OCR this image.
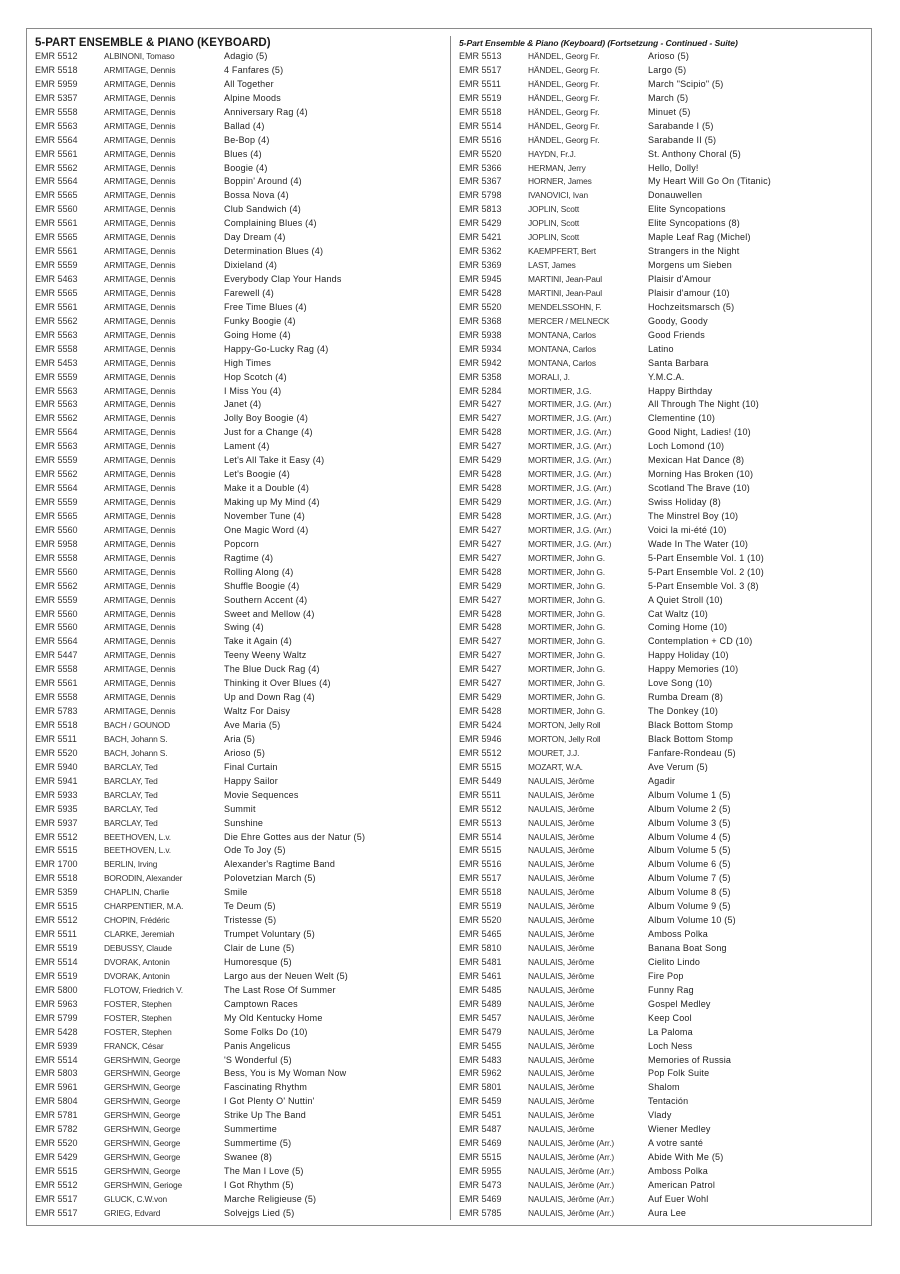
5-PART ENSEMBLE & PIANO (KEYBOARD)
EMR 5512	ALBINONI, Tomaso	Adagio (5)
EMR 5518	ARMITAGE, Dennis	4 Fanfares (5)
EMR 5959	ARMITAGE, Dennis	All Together
EMR 5357	ARMITAGE, Dennis	Alpine Moods
EMR 5558	ARMITAGE, Dennis	Anniversary Rag (4)
EMR 5563	ARMITAGE, Dennis	Ballad (4)
EMR 5564	ARMITAGE, Dennis	Be-Bop (4)
EMR 5561	ARMITAGE, Dennis	Blues (4)
EMR 5562	ARMITAGE, Dennis	Boogie (4)
EMR 5564	ARMITAGE, Dennis	Boppin' Around (4)
EMR 5565	ARMITAGE, Dennis	Bossa Nova (4)
EMR 5560	ARMITAGE, Dennis	Club Sandwich (4)
EMR 5561	ARMITAGE, Dennis	Complaining Blues (4)
EMR 5565	ARMITAGE, Dennis	Day Dream (4)
EMR 5561	ARMITAGE, Dennis	Determination Blues (4)
EMR 5559	ARMITAGE, Dennis	Dixieland (4)
EMR 5463	ARMITAGE, Dennis	Everybody Clap Your Hands
EMR 5565	ARMITAGE, Dennis	Farewell (4)
EMR 5561	ARMITAGE, Dennis	Free Time Blues (4)
EMR 5562	ARMITAGE, Dennis	Funky Boogie (4)
EMR 5563	ARMITAGE, Dennis	Going Home (4)
EMR 5558	ARMITAGE, Dennis	Happy-Go-Lucky Rag (4)
EMR 5453	ARMITAGE, Dennis	High Times
EMR 5559	ARMITAGE, Dennis	Hop Scotch (4)
EMR 5563	ARMITAGE, Dennis	I Miss You (4)
EMR 5563	ARMITAGE, Dennis	Janet (4)
EMR 5562	ARMITAGE, Dennis	Jolly Boy Boogie (4)
EMR 5564	ARMITAGE, Dennis	Just for a Change (4)
EMR 5563	ARMITAGE, Dennis	Lament (4)
EMR 5559	ARMITAGE, Dennis	Let's All Take it Easy (4)
EMR 5562	ARMITAGE, Dennis	Let's Boogie (4)
EMR 5564	ARMITAGE, Dennis	Make it a Double (4)
EMR 5559	ARMITAGE, Dennis	Making up My Mind (4)
EMR 5565	ARMITAGE, Dennis	November Tune (4)
EMR 5560	ARMITAGE, Dennis	One Magic Word (4)
EMR 5958	ARMITAGE, Dennis	Popcorn
EMR 5558	ARMITAGE, Dennis	Ragtime (4)
EMR 5560	ARMITAGE, Dennis	Rolling Along (4)
EMR 5562	ARMITAGE, Dennis	Shuffle Boogie (4)
EMR 5559	ARMITAGE, Dennis	Southern Accent (4)
EMR 5560	ARMITAGE, Dennis	Sweet and Mellow (4)
EMR 5560	ARMITAGE, Dennis	Swing (4)
EMR 5564	ARMITAGE, Dennis	Take it Again (4)
EMR 5447	ARMITAGE, Dennis	Teeny Weeny Waltz
EMR 5558	ARMITAGE, Dennis	The Blue Duck Rag (4)
EMR 5561	ARMITAGE, Dennis	Thinking it Over Blues (4)
EMR 5558	ARMITAGE, Dennis	Up and Down Rag (4)
EMR 5783	ARMITAGE, Dennis	Waltz For Daisy
EMR 5518	BACH / GOUNOD	Ave Maria (5)
EMR 5511	BACH, Johann S.	Aria (5)
EMR 5520	BACH, Johann S.	Arioso (5)
EMR 5940	BARCLAY, Ted	Final Curtain
EMR 5941	BARCLAY, Ted	Happy Sailor
EMR 5933	BARCLAY, Ted	Movie Sequences
EMR 5935	BARCLAY, Ted	Summit
EMR 5937	BARCLAY, Ted	Sunshine
EMR 5512	BEETHOVEN, L.v.	Die Ehre Gottes aus der Natur (5)
EMR 5515	BEETHOVEN, L.v.	Ode To Joy (5)
EMR 1700	BERLIN, Irving	Alexander's Ragtime Band
EMR 5518	BORODIN, Alexander	Polovetzian March (5)
EMR 5359	CHAPLIN, Charlie	Smile
EMR 5515	CHARPENTIER, M.A.	Te Deum (5)
EMR 5512	CHOPIN, Frédéric	Tristesse (5)
EMR 5511	CLARKE, Jeremiah	Trumpet Voluntary (5)
EMR 5519	DEBUSSY, Claude	Clair de Lune (5)
EMR 5514	DVORAK, Antonin	Humoresque (5)
EMR 5519	DVORAK, Antonin	Largo aus der Neuen Welt (5)
EMR 5800	FLOTOW, Friedrich V.	The Last Rose Of Summer
EMR 5963	FOSTER, Stephen	Camptown Races
EMR 5799	FOSTER, Stephen	My Old Kentucky Home
EMR 5428	FOSTER, Stephen	Some Folks Do (10)
EMR 5939	FRANCK, César	Panis Angelicus
EMR 5514	GERSHWIN, George	'S Wonderful (5)
EMR 5803	GERSHWIN, George	Bess, You is My Woman Now
EMR 5961	GERSHWIN, George	Fascinating Rhythm
EMR 5804	GERSHWIN, George	I Got Plenty O' Nuttin'
EMR 5781	GERSHWIN, George	Strike Up The Band
EMR 5782	GERSHWIN, George	Summertime
EMR 5520	GERSHWIN, George	Summertime (5)
EMR 5429	GERSHWIN, George	Swanee (8)
EMR 5515	GERSHWIN, George	The Man I Love (5)
EMR 5512	GERSHWIN, Gerioge	I Got Rhythm (5)
EMR 5517	GLUCK, C.W.von	Marche Religieuse (5)
EMR 5517	GRIEG, Edvard	Solvejgs Lied (5)
5-Part Ensemble & Piano (Keyboard) (Fortsetzung - Continued - Suite)
EMR 5513	HÄNDEL, Georg Fr.	Arioso (5)
EMR 5517	HÄNDEL, Georg Fr.	Largo (5)
EMR 5511	HÄNDEL, Georg Fr.	March "Scipio" (5)
EMR 5519	HÄNDEL, Georg Fr.	March (5)
EMR 5518	HÄNDEL, Georg Fr.	Minuet (5)
EMR 5514	HÄNDEL, Georg Fr.	Sarabande I (5)
EMR 5516	HÄNDEL, Georg Fr.	Sarabande II (5)
EMR 5520	HAYDN, Fr.J.	St. Anthony Choral (5)
EMR 5366	HERMAN, Jerry	Hello, Dolly!
EMR 5367	HORNER, James	My Heart Will Go On (Titanic)
EMR 5798	IVANOVICI, Ivan	Donauwellen
EMR 5813	JOPLIN, Scott	Elite Syncopations
EMR 5429	JOPLIN, Scott	Elite Syncopations (8)
EMR 5421	JOPLIN, Scott	Maple Leaf Rag (Michel)
EMR 5362	KAEMPFERT, Bert	Strangers in the Night
EMR 5369	LAST, James	Morgens um Sieben
EMR 5945	MARTINI, Jean-Paul	Plaisir d'Amour
EMR 5428	MARTINI, Jean-Paul	Plaisir d'amour (10)
EMR 5520	MENDELSSOHN, F.	Hochzeitsmarsch (5)
EMR 5368	MERCER / MELNECK	Goody, Goody
EMR 5938	MONTANA, Carlos	Good Friends
EMR 5934	MONTANA, Carlos	Latino
EMR 5942	MONTANA, Carlos	Santa Barbara
EMR 5358	MORALI, J.	Y.M.C.A.
EMR 5284	MORTIMER, J.G.	Happy Birthday
EMR 5427	MORTIMER, J.G. (Arr.)	All Through The Night (10)
EMR 5427	MORTIMER, J.G. (Arr.)	Clementine (10)
EMR 5428	MORTIMER, J.G. (Arr.)	Good Night, Ladies! (10)
EMR 5427	MORTIMER, J.G. (Arr.)	Loch Lomond (10)
EMR 5429	MORTIMER, J.G. (Arr.)	Mexican Hat Dance (8)
EMR 5428	MORTIMER, J.G. (Arr.)	Morning Has Broken (10)
EMR 5428	MORTIMER, J.G. (Arr.)	Scotland The Brave (10)
EMR 5429	MORTIMER, J.G. (Arr.)	Swiss Holiday (8)
EMR 5428	MORTIMER, J.G. (Arr.)	The Minstrel Boy (10)
EMR 5427	MORTIMER, J.G. (Arr.)	Voici la mi-été (10)
EMR 5427	MORTIMER, J.G. (Arr.)	Wade In The Water (10)
EMR 5427	MORTIMER, John G.	5-Part Ensemble Vol. 1 (10)
EMR 5428	MORTIMER, John G.	5-Part Ensemble Vol. 2 (10)
EMR 5429	MORTIMER, John G.	5-Part Ensemble Vol. 3 (8)
EMR 5427	MORTIMER, John G.	A Quiet Stroll (10)
EMR 5428	MORTIMER, John G.	Cat Waltz (10)
EMR 5428	MORTIMER, John G.	Coming Home (10)
EMR 5427	MORTIMER, John G.	Contemplation + CD (10)
EMR 5427	MORTIMER, John G.	Happy Holiday (10)
EMR 5427	MORTIMER, John G.	Happy Memories (10)
EMR 5427	MORTIMER, John G.	Love Song (10)
EMR 5429	MORTIMER, John G.	Rumba Dream (8)
EMR 5428	MORTIMER, John G.	The Donkey (10)
EMR 5424	MORTON, Jelly Roll	Black Bottom Stomp
EMR 5946	MORTON, Jelly Roll	Black Bottom Stomp
EMR 5512	MOURET, J.J.	Fanfare-Rondeau (5)
EMR 5515	MOZART, W.A.	Ave Verum (5)
EMR 5449	NAULAIS, Jérôme	Agadir
EMR 5511	NAULAIS, Jérôme	Album Volume 1 (5)
EMR 5512	NAULAIS, Jérôme	Album Volume 2 (5)
EMR 5513	NAULAIS, Jérôme	Album Volume 3 (5)
EMR 5514	NAULAIS, Jérôme	Album Volume 4 (5)
EMR 5515	NAULAIS, Jérôme	Album Volume 5 (5)
EMR 5516	NAULAIS, Jérôme	Album Volume 6 (5)
EMR 5517	NAULAIS, Jérôme	Album Volume 7 (5)
EMR 5518	NAULAIS, Jérôme	Album Volume 8 (5)
EMR 5519	NAULAIS, Jérôme	Album Volume 9 (5)
EMR 5520	NAULAIS, Jérôme	Album Volume 10 (5)
EMR 5465	NAULAIS, Jérôme	Amboss Polka
EMR 5810	NAULAIS, Jérôme	Banana Boat Song
EMR 5481	NAULAIS, Jérôme	Cielito Lindo
EMR 5461	NAULAIS, Jérôme	Fire Pop
EMR 5485	NAULAIS, Jérôme	Funny Rag
EMR 5489	NAULAIS, Jérôme	Gospel Medley
EMR 5457	NAULAIS, Jérôme	Keep Cool
EMR 5479	NAULAIS, Jérôme	La Paloma
EMR 5455	NAULAIS, Jérôme	Loch Ness
EMR 5483	NAULAIS, Jérôme	Memories of Russia
EMR 5962	NAULAIS, Jérôme	Pop Folk Suite
EMR 5801	NAULAIS, Jérôme	Shalom
EMR 5459	NAULAIS, Jérôme	Tentación
EMR 5451	NAULAIS, Jérôme	Vlady
EMR 5487	NAULAIS, Jérôme	Wiener Medley
EMR 5469	NAULAIS, Jérôme (Arr.)	A votre santé
EMR 5515	NAULAIS, Jérôme (Arr.)	Abide With Me (5)
EMR 5955	NAULAIS, Jérôme (Arr.)	Amboss Polka
EMR 5473	NAULAIS, Jérôme (Arr.)	American Patrol
EMR 5469	NAULAIS, Jérôme (Arr.)	Auf Euer Wohl
EMR 5785	NAULAIS, Jérôme (Arr.)	Aura Lee
